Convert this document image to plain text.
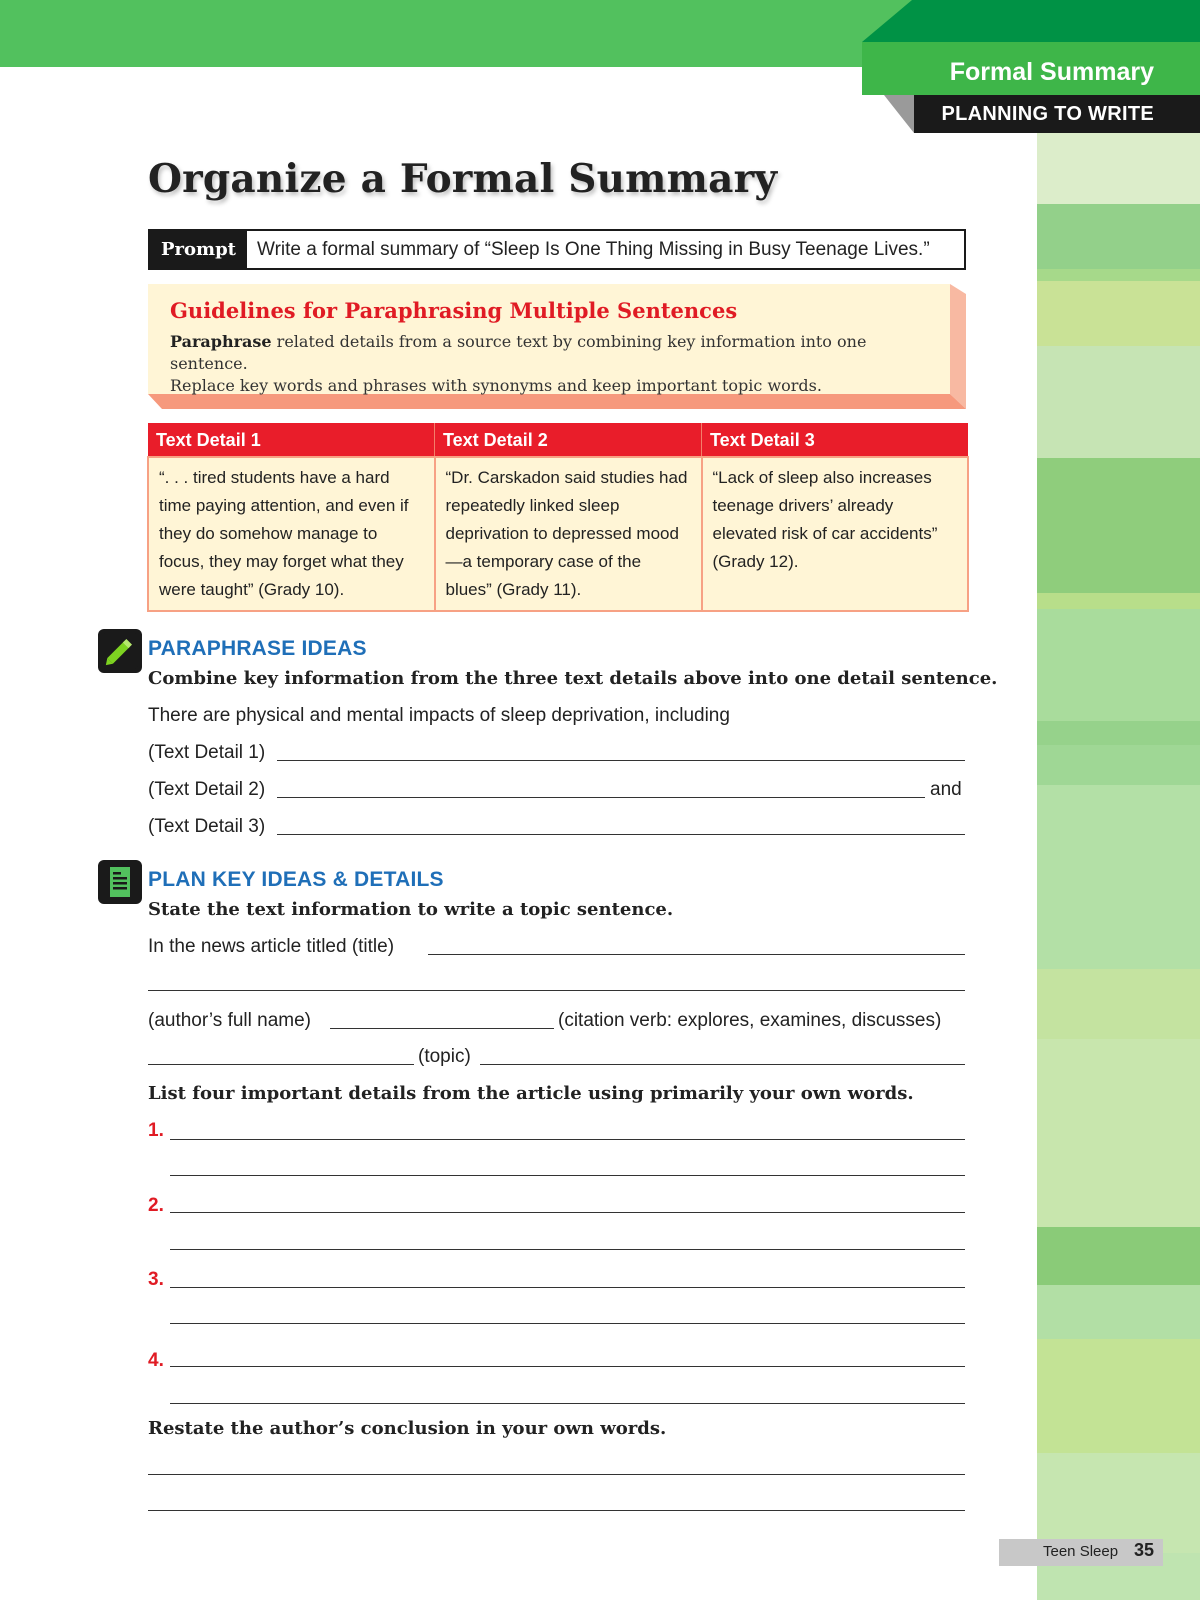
Formal Summary
PLANNING TO WRITE
Organize a Formal Summary
Prompt	Write a formal summary of “Sleep Is One Thing Missing in Busy Teenage Lives.”
Guidelines for Paraphrasing Multiple Sentences
Paraphrase related details from a source text by combining key information into one sentence.
Replace key words and phrases with synonyms and keep important topic words.
Text Detail 1	Text Detail 2	Text Detail 3
“. . . tired students have a hard time paying attention, and even if they do somehow manage to focus, they may forget what they were taught” (Grady 10).	“Dr. Carskadon said studies had repeatedly linked sleep deprivation to depressed mood—a temporary case of the blues” (Grady 11).	“Lack of sleep also increases teenage drivers’ already elevated risk of car accidents” (Grady 12).
PARAPHRASE IDEAS
Combine key information from the three text details above into one detail sentence.
There are physical and mental impacts of sleep deprivation, including
(Text Detail 1)
(Text Detail 2)	and
(Text Detail 3)
PLAN KEY IDEAS & DETAILS
State the text information to write a topic sentence.
In the news article titled (title)
(author’s full name)	(citation verb: explores, examines, discusses)
(topic)
List four important details from the article using primarily your own words.
1.
2.
3.
4.
Restate the author’s conclusion in your own words.
Teen Sleep 35
